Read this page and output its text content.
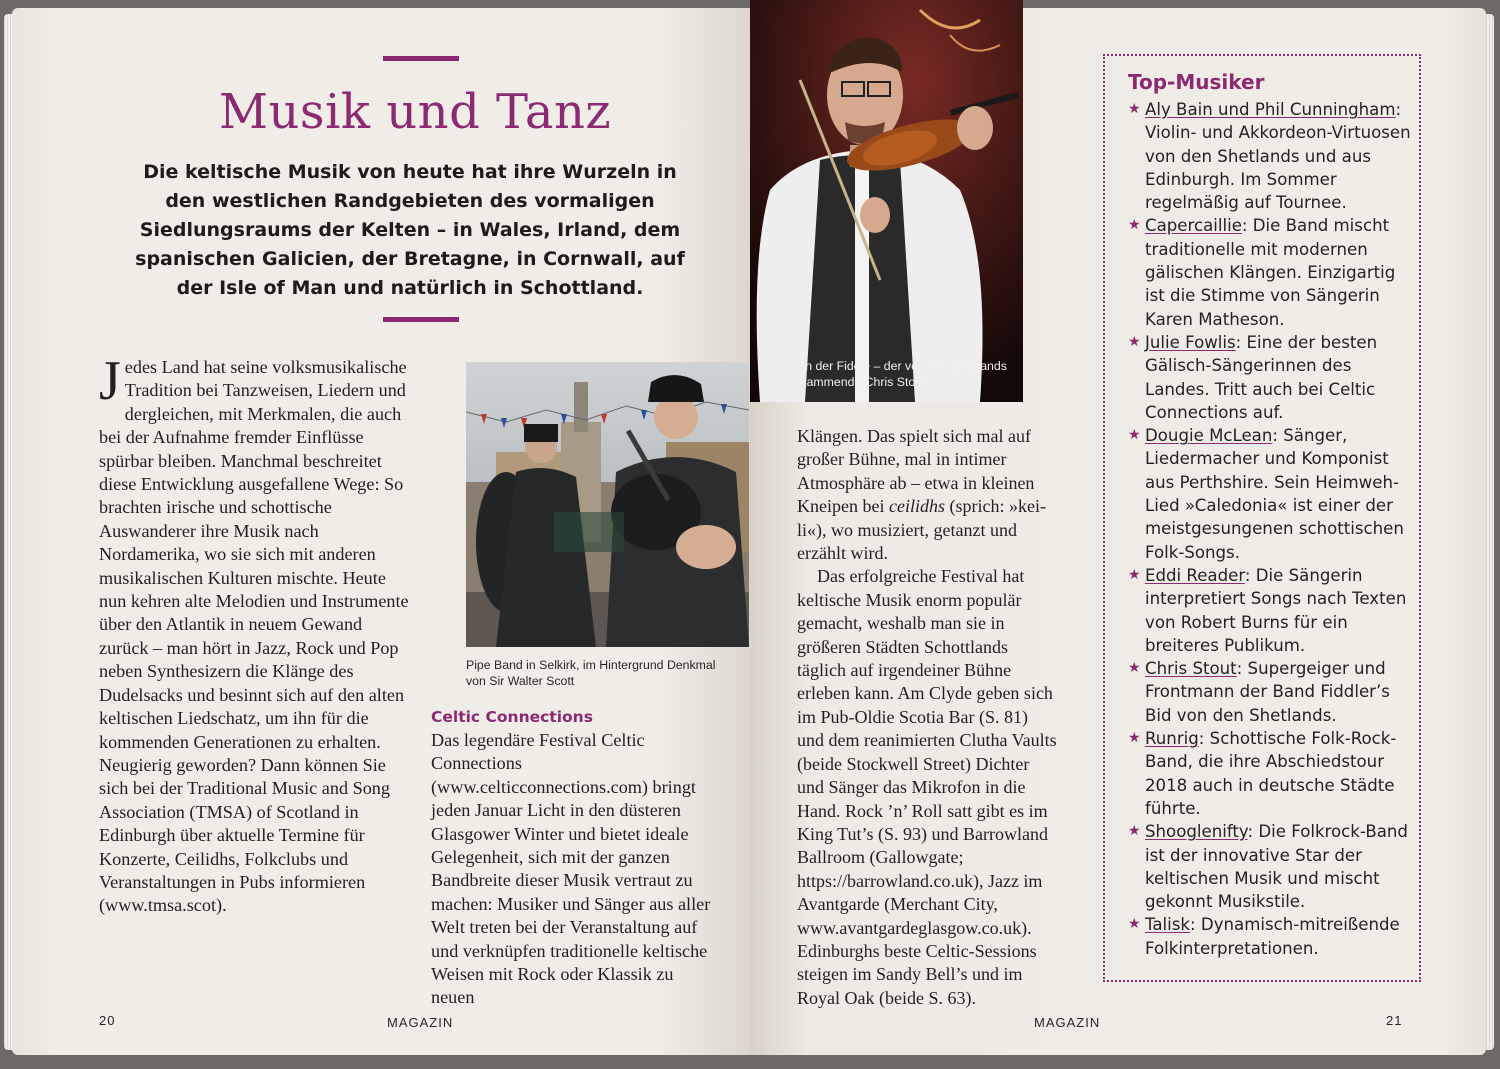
Musik und Tanz
Die keltische Musik von heute hat ihre Wurzeln in den westlichen Randgebieten des vormaligen Siedlungsraums der Kelten – in Wales, Irland, dem spanischen Galicien, der Bretagne, in Cornwall, auf der Isle of Man und natürlich in Schottland.

Jedes Land hat seine volksmusikalische Tradition bei Tanzweisen, Liedern und dergleichen, mit Merkmalen, die auch bei der Aufnahme fremder Einflüsse spürbar bleiben. Manchmal beschreitet diese Entwicklung ausgefallene Wege: So brachten irische und schottische Auswanderer ihre Musik nach Nordamerika, wo sie sich mit anderen musikalischen Kulturen mischte. Heute nun kehren alte Melodien und Instrumente über den Atlantik in neuem Gewand zurück – man hört in Jazz, Rock und Pop neben Synthesizern die Klänge des Dudelsacks und besinnt sich auf den alten keltischen Liedschatz, um ihn für die kommenden Generationen zu erhalten. Neugierig geworden? Dann können Sie sich bei der Traditional Music and Song Association (TMSA) of Scotland in Edinburgh über aktuelle Termine für Konzerte, Ceilidhs, Folkclubs und Veranstaltungen in Pubs informieren (www.tmsa.scot).

Pipe Band in Selkirk, im Hintergrund Denkmal von Sir Walter Scott
Celtic Connections

Das legendäre Festival Celtic Connections (www.celticconnections.com) bringt jeden Januar Licht in den düsteren Glasgower Winter und bietet ideale Gelegenheit, sich mit der ganzen Bandbreite dieser Musik vertraut zu machen: Musiker und Sänger aus aller Welt treten bei der Veranstaltung auf und verknüpfen traditionelle keltische Weisen mit Rock oder Klassik zu neuen

20	MAGAZIN
An der Fiddle – der von den Shetlands stammende Chris Stout

Klängen. Das spielt sich mal auf großer Bühne, mal in intimer Atmosphäre ab – etwa in kleinen Kneipen bei ceilidhs (sprich: »kei-li«), wo musiziert, getanzt und erzählt wird.

Das erfolgreiche Festival hat keltische Musik enorm populär gemacht, weshalb man sie in größeren Städten Schottlands täglich auf irgendeiner Bühne erleben kann. Am Clyde geben sich im Pub-Oldie Scotia Bar (S. 81) und dem reanimierten Clutha Vaults (beide Stockwell Street) Dichter und Sänger das Mikrofon in die Hand. Rock ’n’ Roll satt gibt es im King Tut’s (S. 93) und Barrowland Ballroom (Gallowgate; https://barrowland.co.uk), Jazz im Avantgarde (Merchant City, www.avantgardeglasgow.co.uk). Edinburghs beste Celtic-Sessions steigen im Sandy Bell’s und im Royal Oak (beide S. 63).

Top-Musiker
★ Aly Bain und Phil Cunningham: Violin- und Akkordeon-Virtuosen von den Shetlands und aus Edinburgh. Im Sommer regelmäßig auf Tournee.
★ Capercaillie: Die Band mischt traditionelle mit modernen gälischen Klängen. Einzigartig ist die Stimme von Sängerin Karen Matheson.
★ Julie Fowlis: Eine der besten Gälisch-Sängerinnen des Landes. Tritt auch bei Celtic Connections auf.
★ Dougie McLean: Sänger, Liedermacher und Komponist aus Perthshire. Sein Heimweh-Lied »Caledonia« ist einer der meistgesungenen schottischen Folk-Songs.
★ Eddi Reader: Die Sängerin interpretiert Songs nach Texten von Robert Burns für ein breiteres Publikum.
★ Chris Stout: Supergeiger und Frontmann der Band Fiddler’s Bid von den Shetlands.
★ Runrig: Schottische Folk-Rock-Band, die ihre Abschiedstour 2018 auch in deutsche Städte führte.
★ Shooglenifty: Die Folkrock-Band ist der innovative Star der keltischen Musik und mischt gekonnt Musikstile.
★ Talisk: Dynamisch-mitreißende Folkinterpretationen.
MAGAZIN	21
